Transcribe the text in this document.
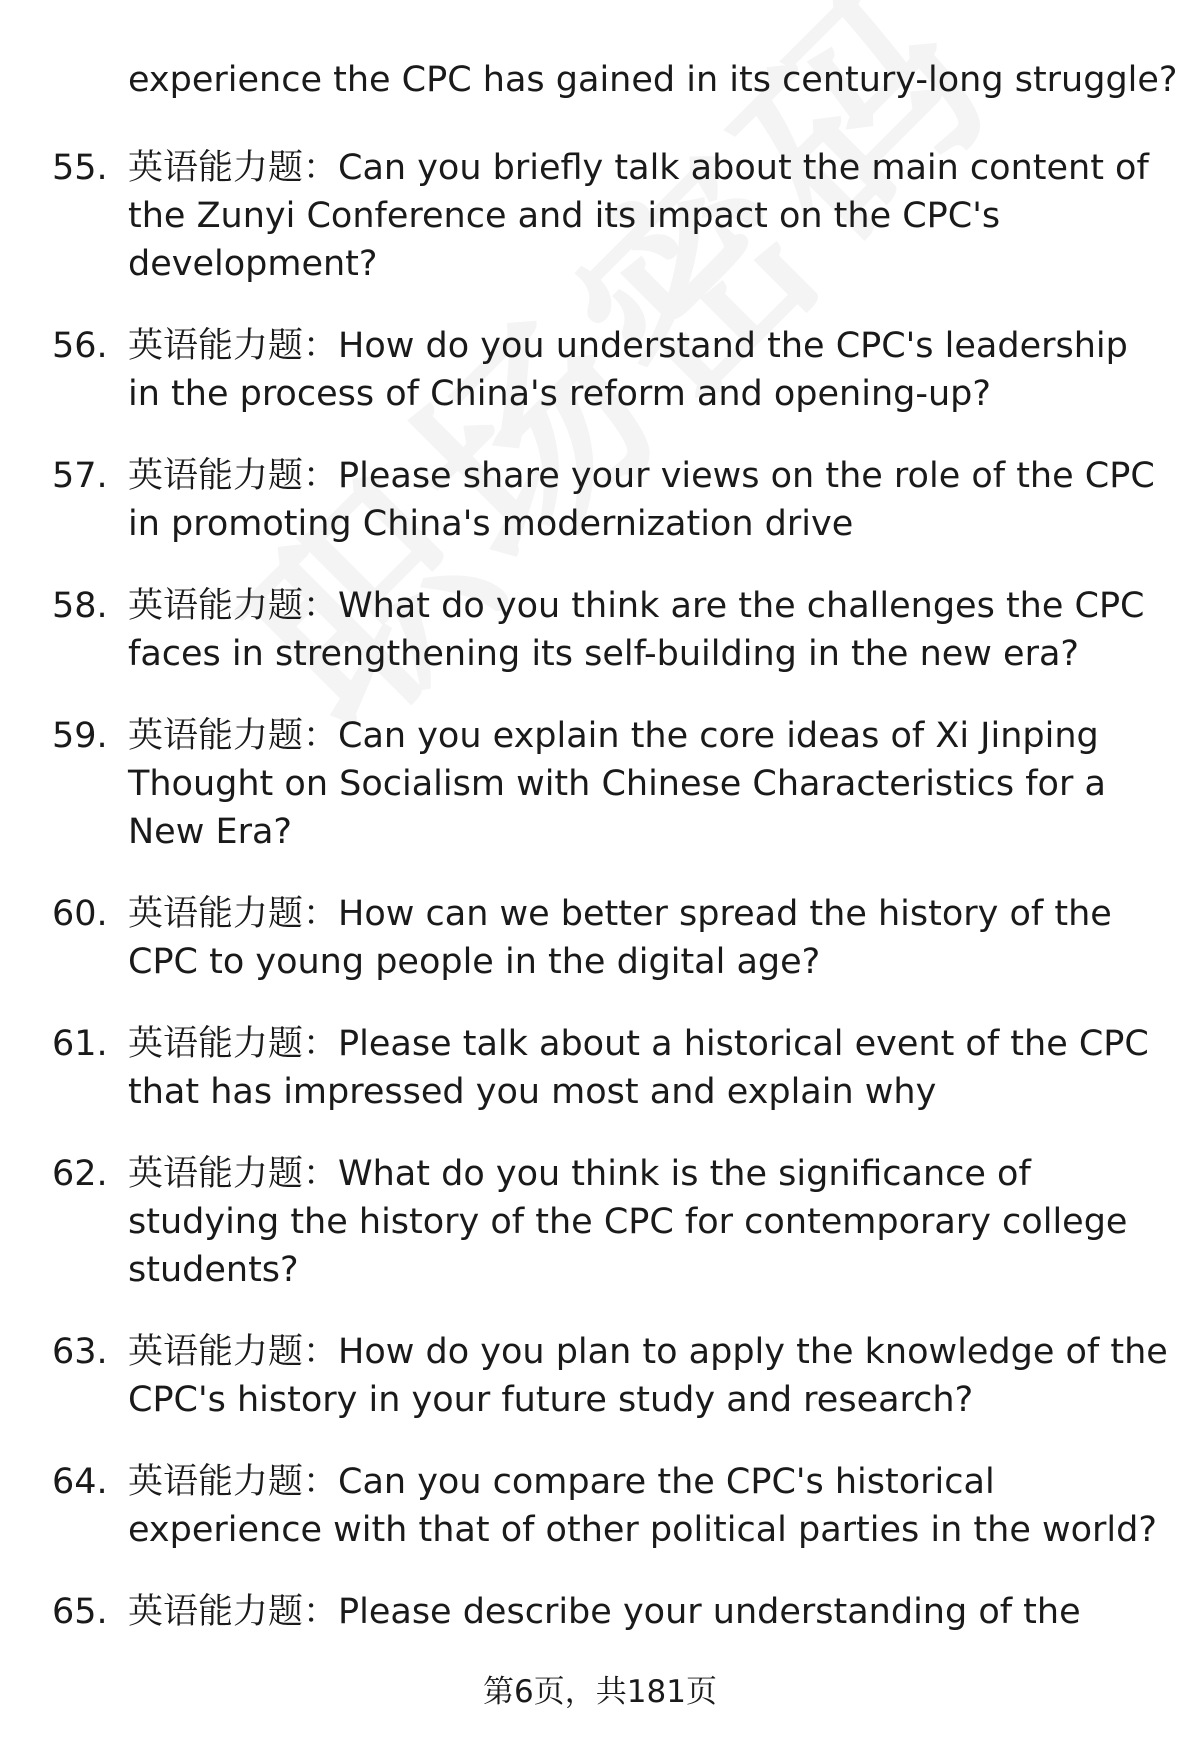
experience the CPC has gained in its century-long struggle?
55. 英语能力题：Can you briefly talk about the main content of the Zunyi Conference and its impact on the CPC's development?
56. 英语能力题：How do you understand the CPC's leadership in the process of China's reform and opening-up?
57. 英语能力题：Please share your views on the role of the CPC in promoting China's modernization drive
58. 英语能力题：What do you think are the challenges the CPC faces in strengthening its self-building in the new era?
59. 英语能力题：Can you explain the core ideas of Xi Jinping Thought on Socialism with Chinese Characteristics for a New Era?
60. 英语能力题：How can we better spread the history of the CPC to young people in the digital age?
61. 英语能力题：Please talk about a historical event of the CPC that has impressed you most and explain why
62. 英语能力题：What do you think is the significance of studying the history of the CPC for contemporary college students?
63. 英语能力题：How do you plan to apply the knowledge of the CPC's history in your future study and research?
64. 英语能力题：Can you compare the CPC's historical experience with that of other political parties in the world?
65. 英语能力题：Please describe your understanding of the
第6页，共181页
